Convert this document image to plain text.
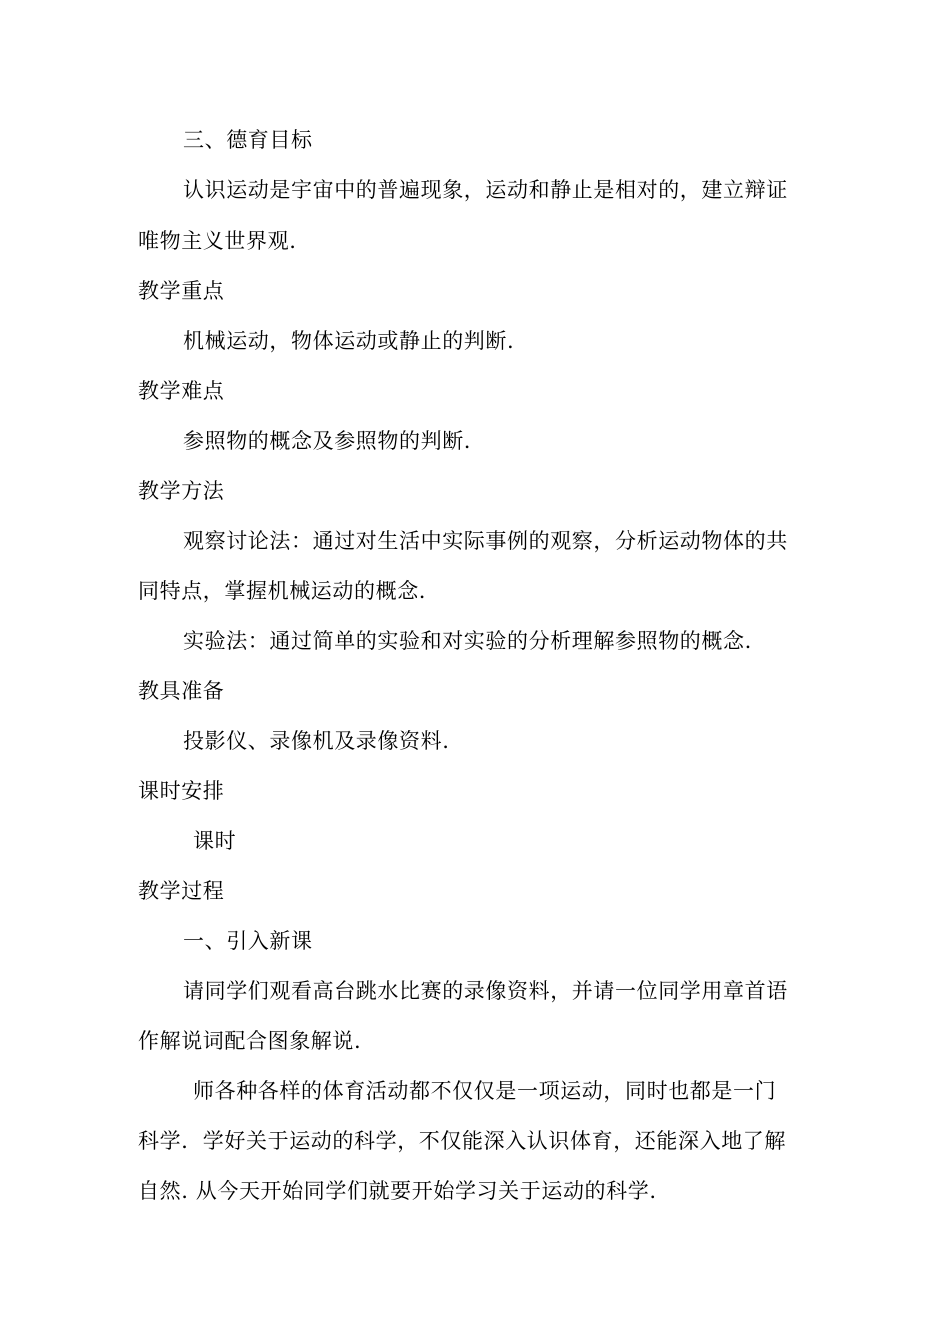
三、德育目标
认识运动是宇宙中的普遍现象，运动和静止是相对的，建立辩证
唯物主义世界观.
教学重点
机械运动，物体运动或静止的判断.
教学难点
参照物的概念及参照物的判断.
教学方法
观察讨论法：通过对生活中实际事例的观察，分析运动物体的共
同特点，掌握机械运动的概念.
实验法：通过简单的实验和对实验的分析理解参照物的概念.
教具准备
投影仪、录像机及录像资料.
课时安排
课时
教学过程
一、引入新课
请同学们观看高台跳水比赛的录像资料，并请一位同学用章首语
作解说词配合图象解说.
师各种各样的体育活动都不仅仅是一项运动，同时也都是一门
科学．学好关于运动的科学，不仅能深入认识体育，还能深入地了解
自然. 从今天开始同学们就要开始学习关于运动的科学.
